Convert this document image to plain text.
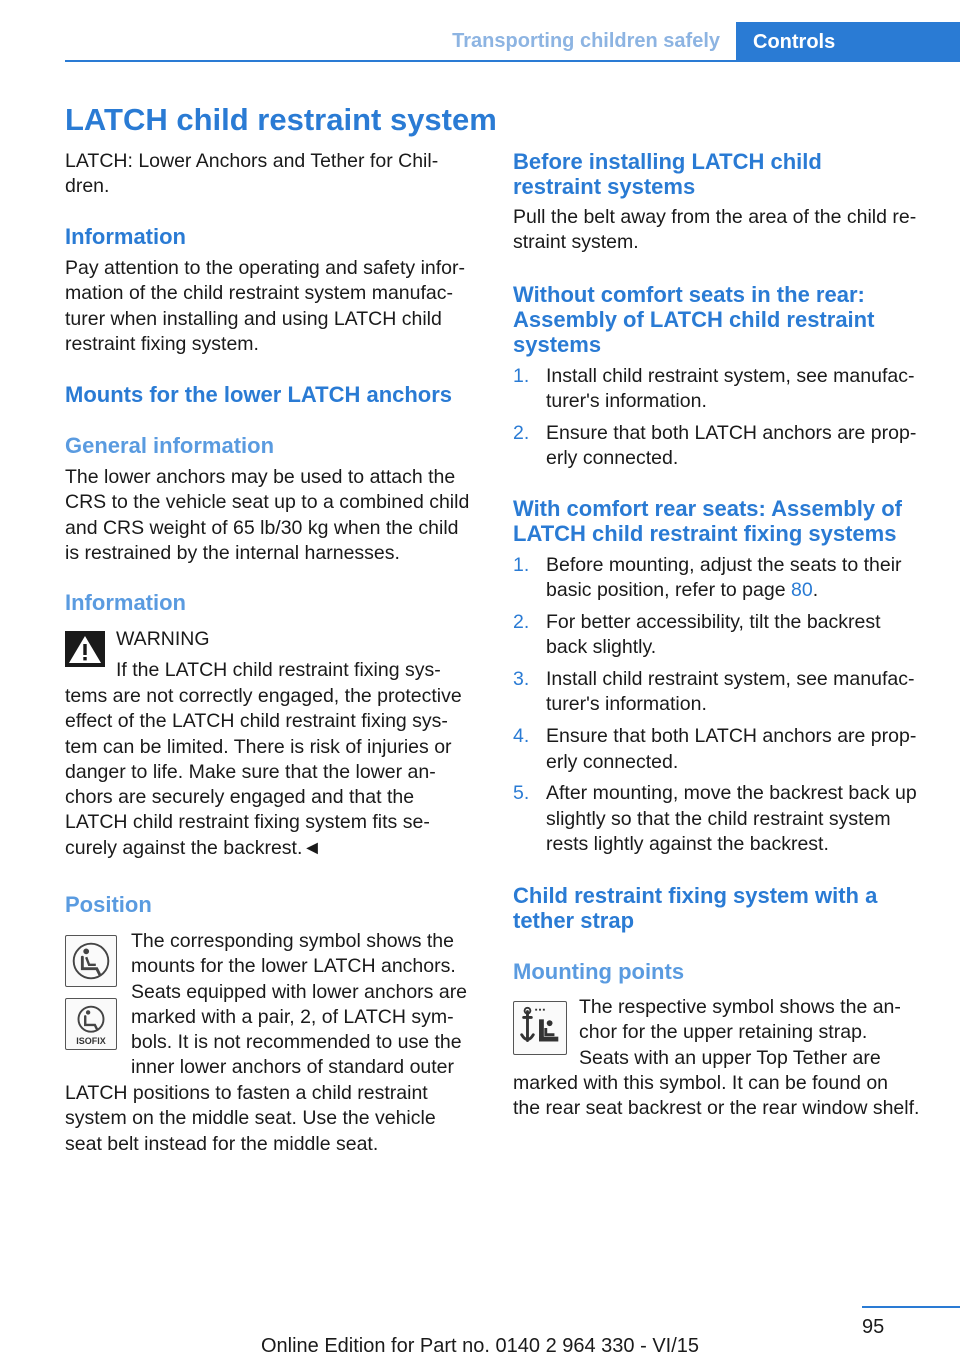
Transporting children safely	Controls
LATCH child restraint system

LATCH: Lower Anchors and Tether for Chil-
dren.

Information

Pay attention to the operating and safety infor-
mation of the child restraint system manufac-
turer when installing and using LATCH child
restraint fixing system.

Mounts for the lower LATCH anchors
General information

The lower anchors may be used to attach the
CRS to the vehicle seat up to a combined child
and CRS weight of 65 lb/30 kg when the child
is restrained by the internal harnesses.

Information

WARNING

If the LATCH child restraint fixing sys-

tems are not correctly engaged, the protective
effect of the LATCH child restraint fixing sys-
tem can be limited. There is risk of injuries or
danger to life. Make sure that the lower an-
chors are securely engaged and that the
LATCH child restraint fixing system fits se-
curely against the backrest.◄

Position
ISOFIX

The corresponding symbol shows the
mounts for the lower LATCH anchors.
Seats equipped with lower anchors are
marked with a pair, 2, of LATCH sym-
bols. It is not recommended to use the
inner lower anchors of standard outer

LATCH positions to fasten a child restraint
system on the middle seat. Use the vehicle
seat belt instead for the middle seat.

Before installing LATCH child
restraint systems

Pull the belt away from the area of the child re-
straint system.

Without comfort seats in the rear:
Assembly of LATCH child restraint
systems
1. Install child restraint system, see manufac-
turer's information.
2. Ensure that both LATCH anchors are prop-
erly connected.
With comfort rear seats: Assembly of
LATCH child restraint fixing systems
1. Before mounting, adjust the seats to their
basic position, refer to page 80.
2. For better accessibility, tilt the backrest
back slightly.
3. Install child restraint system, see manufac-
turer's information.
4. Ensure that both LATCH anchors are prop-
erly connected.
5. After mounting, move the backrest back up
slightly so that the child restraint system
rests lightly against the backrest.
Child restraint fixing system with a
tether strap
Mounting points

The respective symbol shows the an-
chor for the upper retaining strap.
Seats with an upper Top Tether are

marked with this symbol. It can be found on
the rear seat backrest or the rear window shelf.

95
Online Edition for Part no. 0140 2 964 330 - VI/15
